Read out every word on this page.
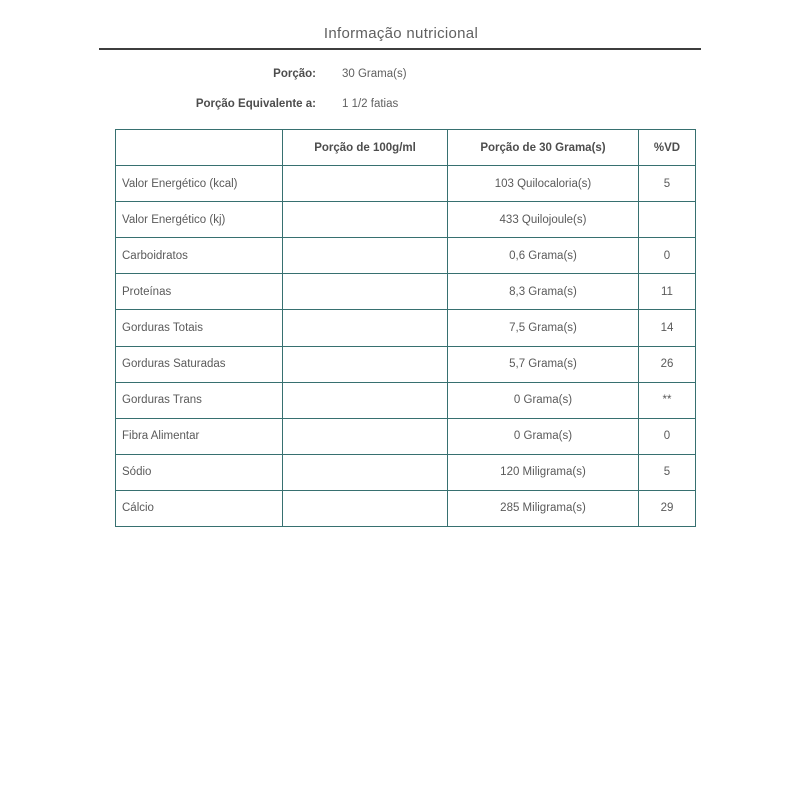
Informação nutricional
Porção: 30 Grama(s)
Porção Equivalente a: 1 1/2 fatias
	Porção de 100g/ml	Porção de 30 Grama(s)	%VD
Valor Energético (kcal)		103 Quilocaloria(s)	5
Valor Energético (kj)		433 Quilojoule(s)	
Carboidratos		0,6 Grama(s)	0
Proteínas		8,3 Grama(s)	11
Gorduras Totais		7,5 Grama(s)	14
Gorduras Saturadas		5,7 Grama(s)	26
Gorduras Trans		0 Grama(s)	**
Fibra Alimentar		0 Grama(s)	0
Sódio		120 Miligrama(s)	5
Cálcio		285 Miligrama(s)	29
